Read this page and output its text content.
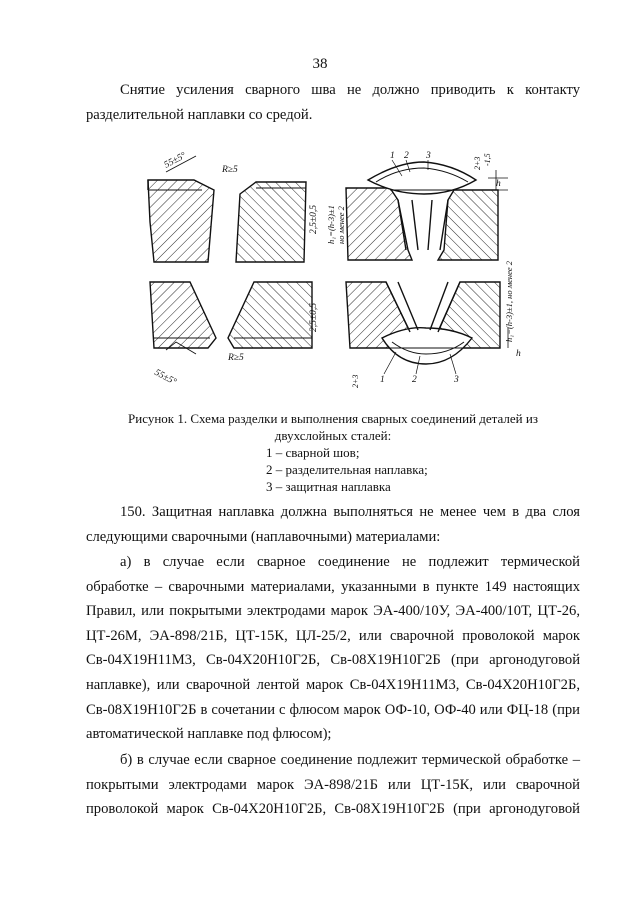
38
Снятие усиления сварного шва не должно приводить к контакту
разделительной наплавки со средой.
55±5°	R≥5
2,5±0,5 h₁=(h-3)±1 но менее 2
1 2 3
2+3 -1,5
h
2,5±0,5
R≥5
55±5°
h₁=(h-3)±1, но менее 2
h
2+3 1	2	3
Рисунок 1. Схема разделки и выполнения сварных соединений деталей из
двухслойных сталей:
1 – сварной шов;
2 – разделительная наплавка;
3 – защитная наплавка
150. Защитная наплавка должна выполняться не менее чем в два слоя
следующими сварочными (наплавочными) материалами:
а) в случае если сварное соединение не подлежит термической
обработке – сварочными материалами, указанными в пункте 149 настоящих
Правил, или покрытыми электродами марок ЭА-400/10У, ЭА-400/10Т, ЦТ-26,
ЦТ-26М, ЭА-898/21Б, ЦТ-15К, ЦЛ-25/2, или сварочной проволокой марок
Св-04Х19Н11М3, Св-04Х20Н10Г2Б, Св-08Х19Н10Г2Б (при аргонодуговой
наплавке), или сварочной лентой марок Св-04Х19Н11М3, Св-04Х20Н10Г2Б,
Св-08Х19Н10Г2Б в сочетании с флюсом марок ОФ-10, ОФ-40 или ФЦ-18 (при
автоматической наплавке под флюсом);
б) в случае если сварное соединение подлежит термической обработке –
покрытыми электродами марок ЭА-898/21Б или ЦТ-15К, или сварочной
проволокой марок Св-04Х20Н10Г2Б, Св-08Х19Н10Г2Б (при аргонодуговой
